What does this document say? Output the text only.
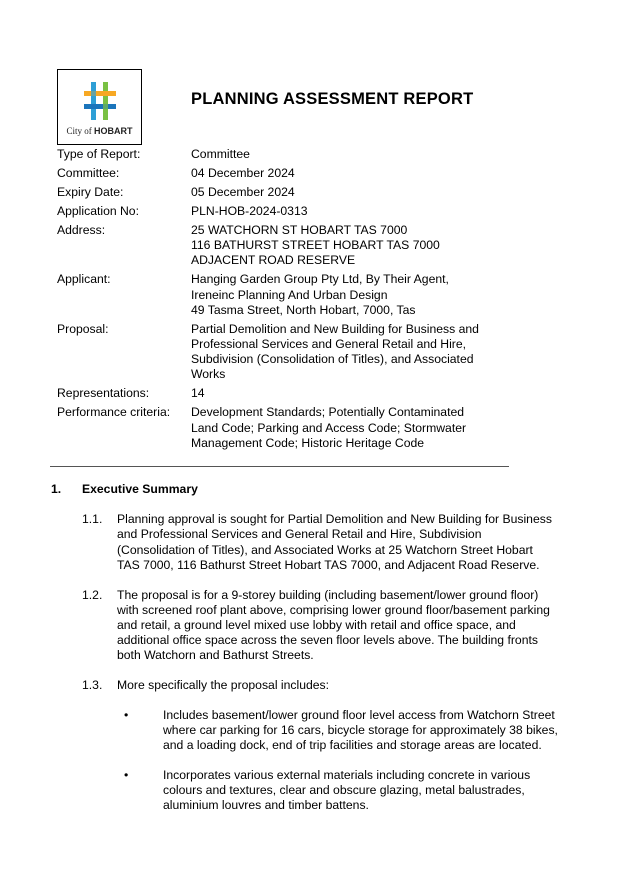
City of HOBART
PLANNING ASSESSMENT REPORT
Type of Report:	Committee
Committee:	04 December 2024
Expiry Date:	05 December 2024
Application No:	PLN-HOB-2024-0313
Address:	25 WATCHORN ST HOBART TAS 7000
116 BATHURST STREET HOBART TAS 7000
ADJACENT ROAD RESERVE
Applicant:	Hanging Garden Group Pty Ltd, By Their Agent,
Ireneinc Planning And Urban Design
49 Tasma Street, North Hobart, 7000, Tas
Proposal:	Partial Demolition and New Building for Business and
Professional Services and General Retail and Hire,
Subdivision (Consolidation of Titles), and Associated
Works
Representations:	14
Performance criteria:	Development Standards; Potentially Contaminated
Land Code; Parking and Access Code; Stormwater
Management Code; Historic Heritage Code
1.	Executive Summary
1.1.	Planning approval is sought for Partial Demolition and New Building for Business
and Professional Services and General Retail and Hire, Subdivision
(Consolidation of Titles), and Associated Works at 25 Watchorn Street Hobart
TAS 7000, 116 Bathurst Street Hobart TAS 7000, and Adjacent Road Reserve.
1.2.	The proposal is for a 9-storey building (including basement/lower ground floor)
with screened roof plant above, comprising lower ground floor/basement parking
and retail, a ground level mixed use lobby with retail and office space, and
additional office space across the seven floor levels above. The building fronts
both Watchorn and Bathurst Streets.
1.3.	More specifically the proposal includes:
•	Includes basement/lower ground floor level access from Watchorn Street
where car parking for 16 cars, bicycle storage for approximately 38 bikes,
and a loading dock, end of trip facilities and storage areas are located.
•	Incorporates various external materials including concrete in various
colours and textures, clear and obscure glazing, metal balustrades,
aluminium louvres and timber battens.
